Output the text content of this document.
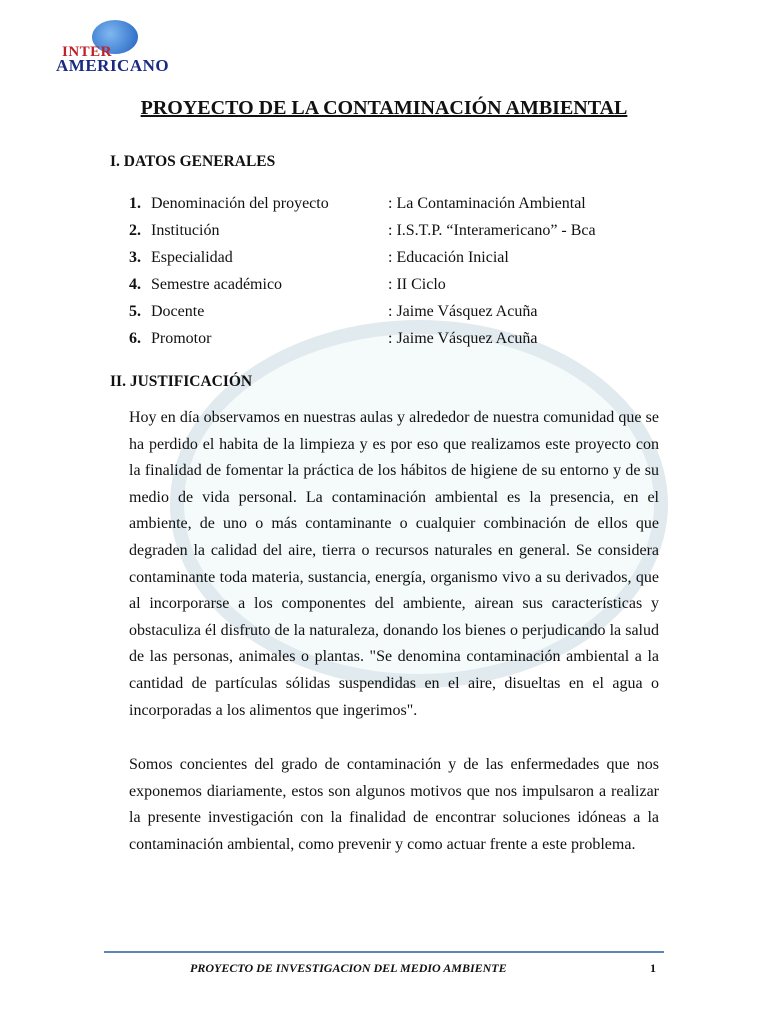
INTER
AMERICANO
PROYECTO DE LA CONTAMINACIÓN AMBIENTAL
I. DATOS GENERALES
1. Denominación del proyecto	: La Contaminación Ambiental
2. Institución	: I.S.T.P. “Interamericano” - Bca
3. Especialidad	: Educación Inicial
4. Semestre académico	: II Ciclo
5. Docente	: Jaime Vásquez Acuña
6. Promotor	: Jaime Vásquez Acuña
II. JUSTIFICACIÓN
Hoy en día observamos en nuestras aulas y alrededor de nuestra comunidad que se ha perdido el habita de la limpieza y es por eso que realizamos este proyecto con la finalidad de fomentar la práctica de los hábitos de higiene de su entorno y de su medio de vida personal. La contaminación ambiental es la presencia, en el ambiente, de uno o más contaminante o cualquier combinación de ellos que degraden la calidad del aire, tierra o recursos naturales en general. Se considera contaminante toda materia, sustancia, energía, organismo vivo a su derivados, que al incorporarse a los componentes del ambiente, airean sus características y obstaculiza él disfruto de la naturaleza, donando los bienes o perjudicando la salud de las personas, animales o plantas. "Se denomina contaminación ambiental a la cantidad de partículas sólidas suspendidas en el aire, disueltas en el agua o incorporadas a los alimentos que ingerimos".
Somos concientes del grado de contaminación y de las enfermedades que nos exponemos diariamente, estos son algunos motivos que nos impulsaron a realizar la presente investigación con la finalidad de encontrar soluciones idóneas a la contaminación ambiental, como prevenir y como actuar frente a este problema.
PROYECTO DE INVESTIGACION DEL MEDIO AMBIENTE	1
